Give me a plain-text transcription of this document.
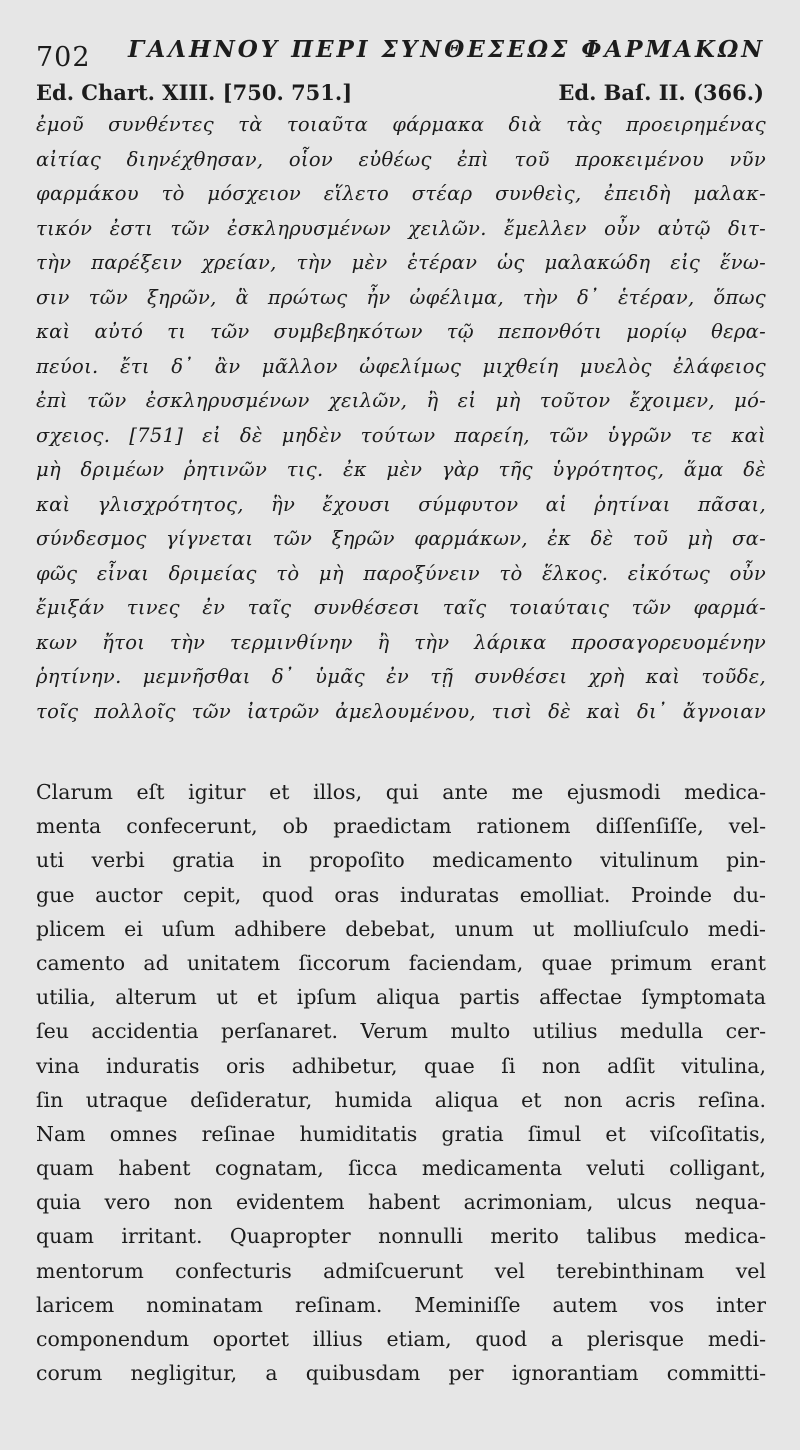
702 ΓΑΛΗΝΟΥ ΠΕΡΙ ΣΥΝΘΕΣΕΩΣ ΦΑΡΜΑΚΩΝ
Ed. Chart. XIII. [750. 751.]	Ed. Baſ. II. (366.)
ἐμοῦ συνθέντες τὰ τοιαῦτα φάρμακα διὰ τὰς προειρημένας
αἰτίας διηνέχθησαν, οἷον εὐθέως ἐπὶ τοῦ προκειμένου νῦν
φαρμάκου τὸ μόσχειον εἵλετο στέαρ συνθεὶς, ἐπειδὴ μαλακ-
τικόν ἐστι τῶν ἐσκληρυσμένων χειλῶν. ἔμελλεν οὖν αὐτῷ διτ-
τὴν παρέξειν χρείαν, τὴν μὲν ἑτέραν ὡς μαλακώδη εἰς ἕνω-
σιν τῶν ξηρῶν, ἃ πρώτως ἦν ὠφέλιμα, τὴν δ᾽ ἑτέραν, ὅπως
καὶ αὐτό τι τῶν συμβεβηκότων τῷ πεπονθότι μορίῳ θερα-
πεύοι. ἔτι δ᾽ ἂν μᾶλλον ὠφελίμως μιχθείη μυελὸς ἐλάφειος
ἐπὶ τῶν ἐσκληρυσμένων χειλῶν, ἢ εἰ μὴ τοῦτον ἔχοιμεν, μό-
σχειος. [751] εἰ δὲ μηδὲν τούτων παρείη, τῶν ὑγρῶν τε καὶ
μὴ δριμέων ῥητινῶν τις. ἐκ μὲν γὰρ τῆς ὑγρότητος, ἅμα δὲ
καὶ γλισχρότητος, ἣν ἔχουσι σύμφυτον αἱ ῥητίναι πᾶσαι,
σύνδεσμος γίγνεται τῶν ξηρῶν φαρμάκων, ἐκ δὲ τοῦ μὴ σα-
φῶς εἶναι δριμείας τὸ μὴ παροξύνειν τὸ ἕλκος. εἰκότως οὖν
ἔμιξάν τινες ἐν ταῖς συνθέσεσι ταῖς τοιαύταις τῶν φαρμά-
κων ἤτοι τὴν τερμινθίνην ἢ τὴν λάρικα προσαγορευομένην
ῥητίνην. μεμνῆσθαι δ᾽ ὑμᾶς ἐν τῇ συνθέσει χρὴ καὶ τοῦδε,
τοῖς πολλοῖς τῶν ἰατρῶν ἀμελουμένου, τισὶ δὲ καὶ δι᾽ ἄγνοιαν
Clarum eſt igitur et illos, qui ante me ejusmodi medica-
menta confecerunt, ob praedictam rationem diſſenſiſſe, vel-
uti verbi gratia in propoſito medicamento vitulinum pin-
gue auctor cepit, quod oras induratas emolliat. Proinde du-
plicem ei uſum adhibere debebat, unum ut molliuſculo medi-
camento ad unitatem ſiccorum faciendam, quae primum erant
utilia, alterum ut et ipſum aliqua partis affectae ſymptomata
ſeu accidentia perſanaret. Verum multo utilius medulla cer-
vina induratis oris adhibetur, quae ſi non adſit vitulina,
ſin utraque deſideratur, humida aliqua et non acris reſina.
Nam omnes reſinae humiditatis gratia ſimul et viſcoſitatis,
quam habent cognatam, ſicca medicamenta veluti colligant,
quia vero non evidentem habent acrimoniam, ulcus nequa-
quam irritant. Quapropter nonnulli merito talibus medica-
mentorum confecturis admiſcuerunt vel terebinthinam vel
laricem nominatam reſinam. Meminiſſe autem vos inter
componendum oportet illius etiam, quod a plerisque medi-
corum negligitur, a quibusdam per ignorantiam committi-
